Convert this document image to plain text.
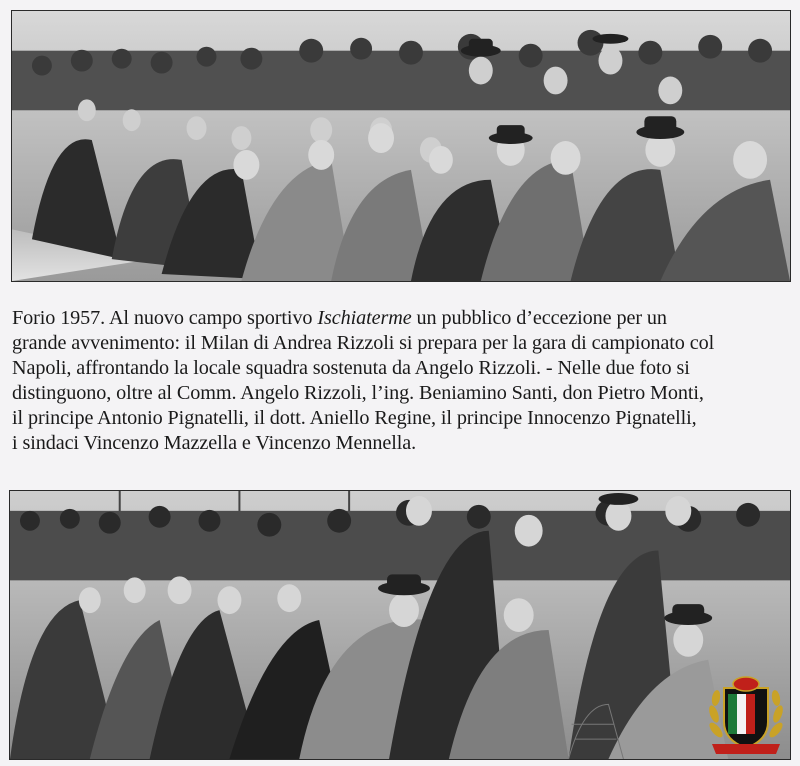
Forio 1957. Al nuovo campo sportivo Ischiaterme un pubblico d’eccezione per un
grande avvenimento: il Milan di Andrea Rizzoli si prepara per la gara di campionato col
Napoli, affrontando la locale squadra sostenuta da Angelo Rizzoli. - Nelle due foto si
distinguono, oltre al Comm. Angelo Rizzoli, l’ing. Beniamino Santi, don Pietro Monti,
il principe Antonio Pignatelli, il dott. Aniello Regine, il principe Innocenzo Pignatelli,
i sindaci Vincenzo Mazzella e Vincenzo Mennella.
